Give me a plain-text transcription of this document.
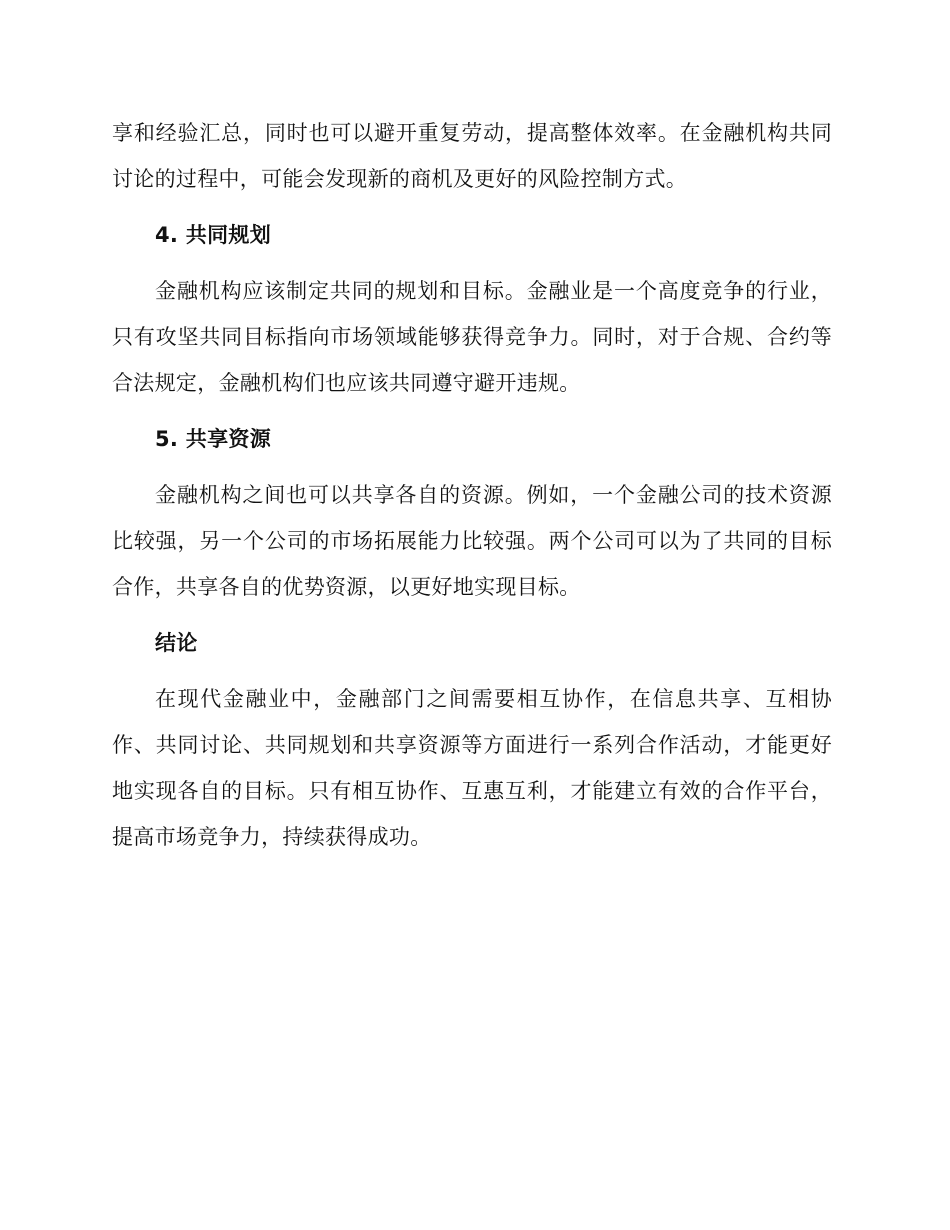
享和经验汇总，同时也可以避开重复劳动，提高整体效率。在金融机构共同讨论的过程中，可能会发现新的商机及更好的风险控制方式。

4. 共同规划

金融机构应该制定共同的规划和目标。金融业是一个高度竞争的行业，只有攻坚共同目标指向市场领域能够获得竞争力。同时，对于合规、合约等合法规定，金融机构们也应该共同遵守避开违规。

5. 共享资源

金融机构之间也可以共享各自的资源。例如，一个金融公司的技术资源比较强，另一个公司的市场拓展能力比较强。两个公司可以为了共同的目标合作，共享各自的优势资源，以更好地实现目标。

结论

在现代金融业中，金融部门之间需要相互协作，在信息共享、互相协作、共同讨论、共同规划和共享资源等方面进行一系列合作活动，才能更好地实现各自的目标。只有相互协作、互惠互利，才能建立有效的合作平台，提高市场竞争力，持续获得成功。
